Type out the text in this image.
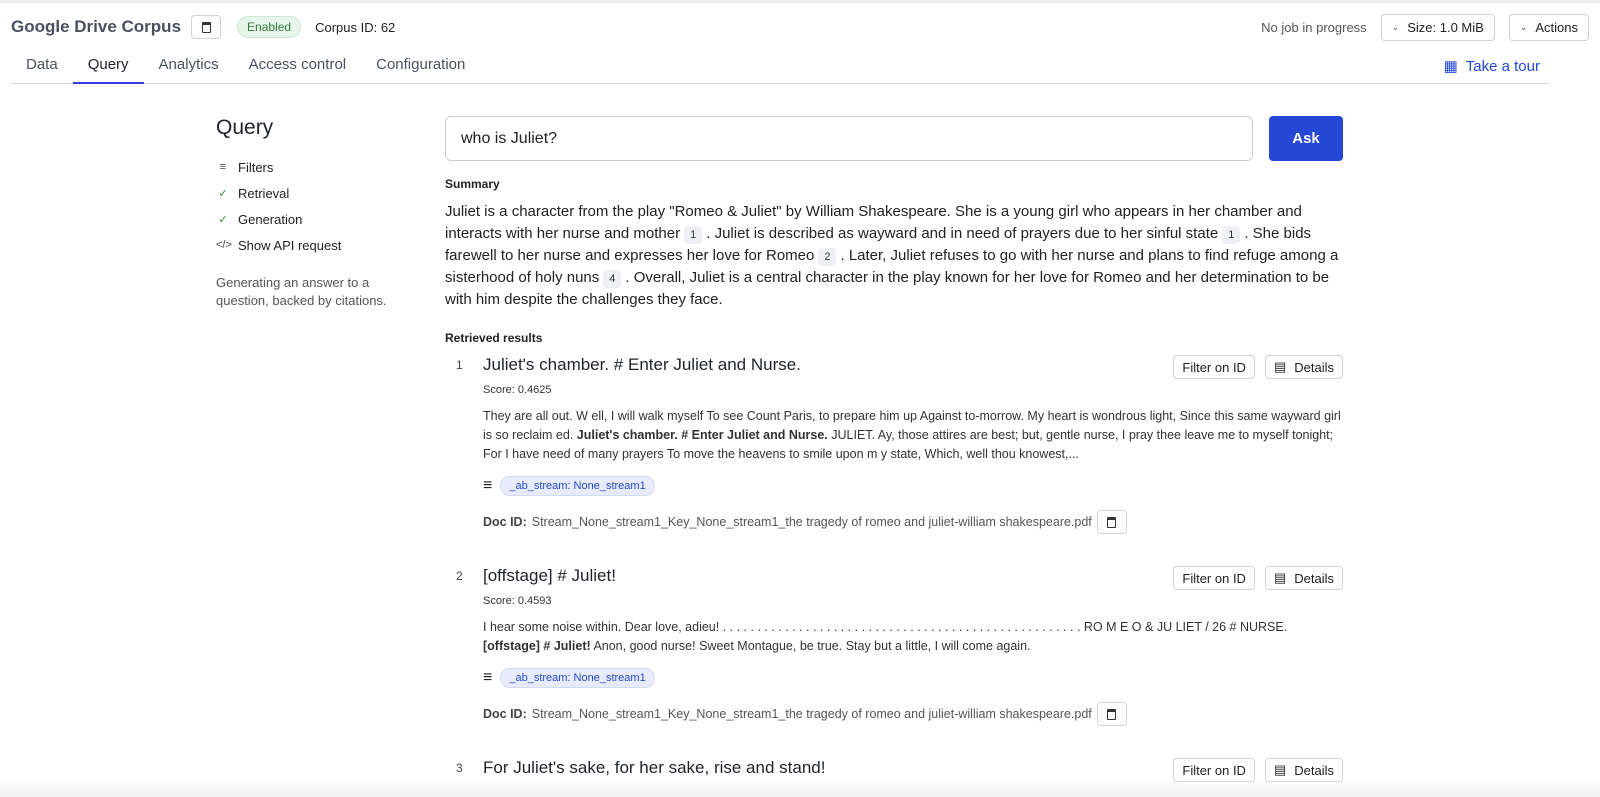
Google Drive Corpus	Enabled	Corpus ID: 62	No job in progress	⌄ Size: 1.0 MiB	⌄ Actions
Data	Query	Analytics	Access control	Configuration	▦ Take a tour
Query
≡ Filters
✓ Retrieval
✓ Generation
</> Show API request
Generating an answer to a question, backed by citations.
who is Juliet?
Ask
Summary
Juliet is a character from the play "Romeo & Juliet" by William Shakespeare. She is a young girl who appears in her chamber and interacts with her nurse and mother 1 . Juliet is described as wayward and in need of prayers due to her sinful state 1 . She bids farewell to her nurse and expresses her love for Romeo 2 . Later, Juliet refuses to go with her nurse and plans to find refuge among a sisterhood of holy nuns 4 . Overall, Juliet is a central character in the play known for her love for Romeo and her determination to be with him despite the challenges they face.
Retrieved results
1	Filter on ID	▤ Details
Juliet's chamber. # Enter Juliet and Nurse.
Score: 0.4625
They are all out. W ell, I will walk myself To see Count Paris, to prepare him up Against to-morrow. My heart is wondrous light, Since this same wayward girl is so reclaim ed. Juliet's chamber. # Enter Juliet and Nurse. JULIET. Ay, those attires are best; but, gentle nurse, I pray thee leave me to myself tonight; For I have need of many prayers To move the heavens to smile upon m y state, Which, well thou knowest,...
≡	_ab_stream: None_stream1
Doc ID: Stream_None_stream1_Key_None_stream1_the tragedy of romeo and juliet-william shakespeare.pdf
2	Filter on ID	▤ Details
[offstage] # Juliet!
Score: 0.4593
I hear some noise within. Dear love, adieu! . . . . . . . . . . . . . . . . . . . . . . . . . . . . . . . . . . . . . . . . . . . . . . . . . . . . RO M E O & JU LIET / 26 # NURSE. [offstage] # Juliet! Anon, good nurse! Sweet Montague, be true. Stay but a little, I will come again.
≡	_ab_stream: None_stream1
Doc ID: Stream_None_stream1_Key_None_stream1_the tragedy of romeo and juliet-william shakespeare.pdf
3	Filter on ID	▤ Details
For Juliet's sake, for her sake, rise and stand!
